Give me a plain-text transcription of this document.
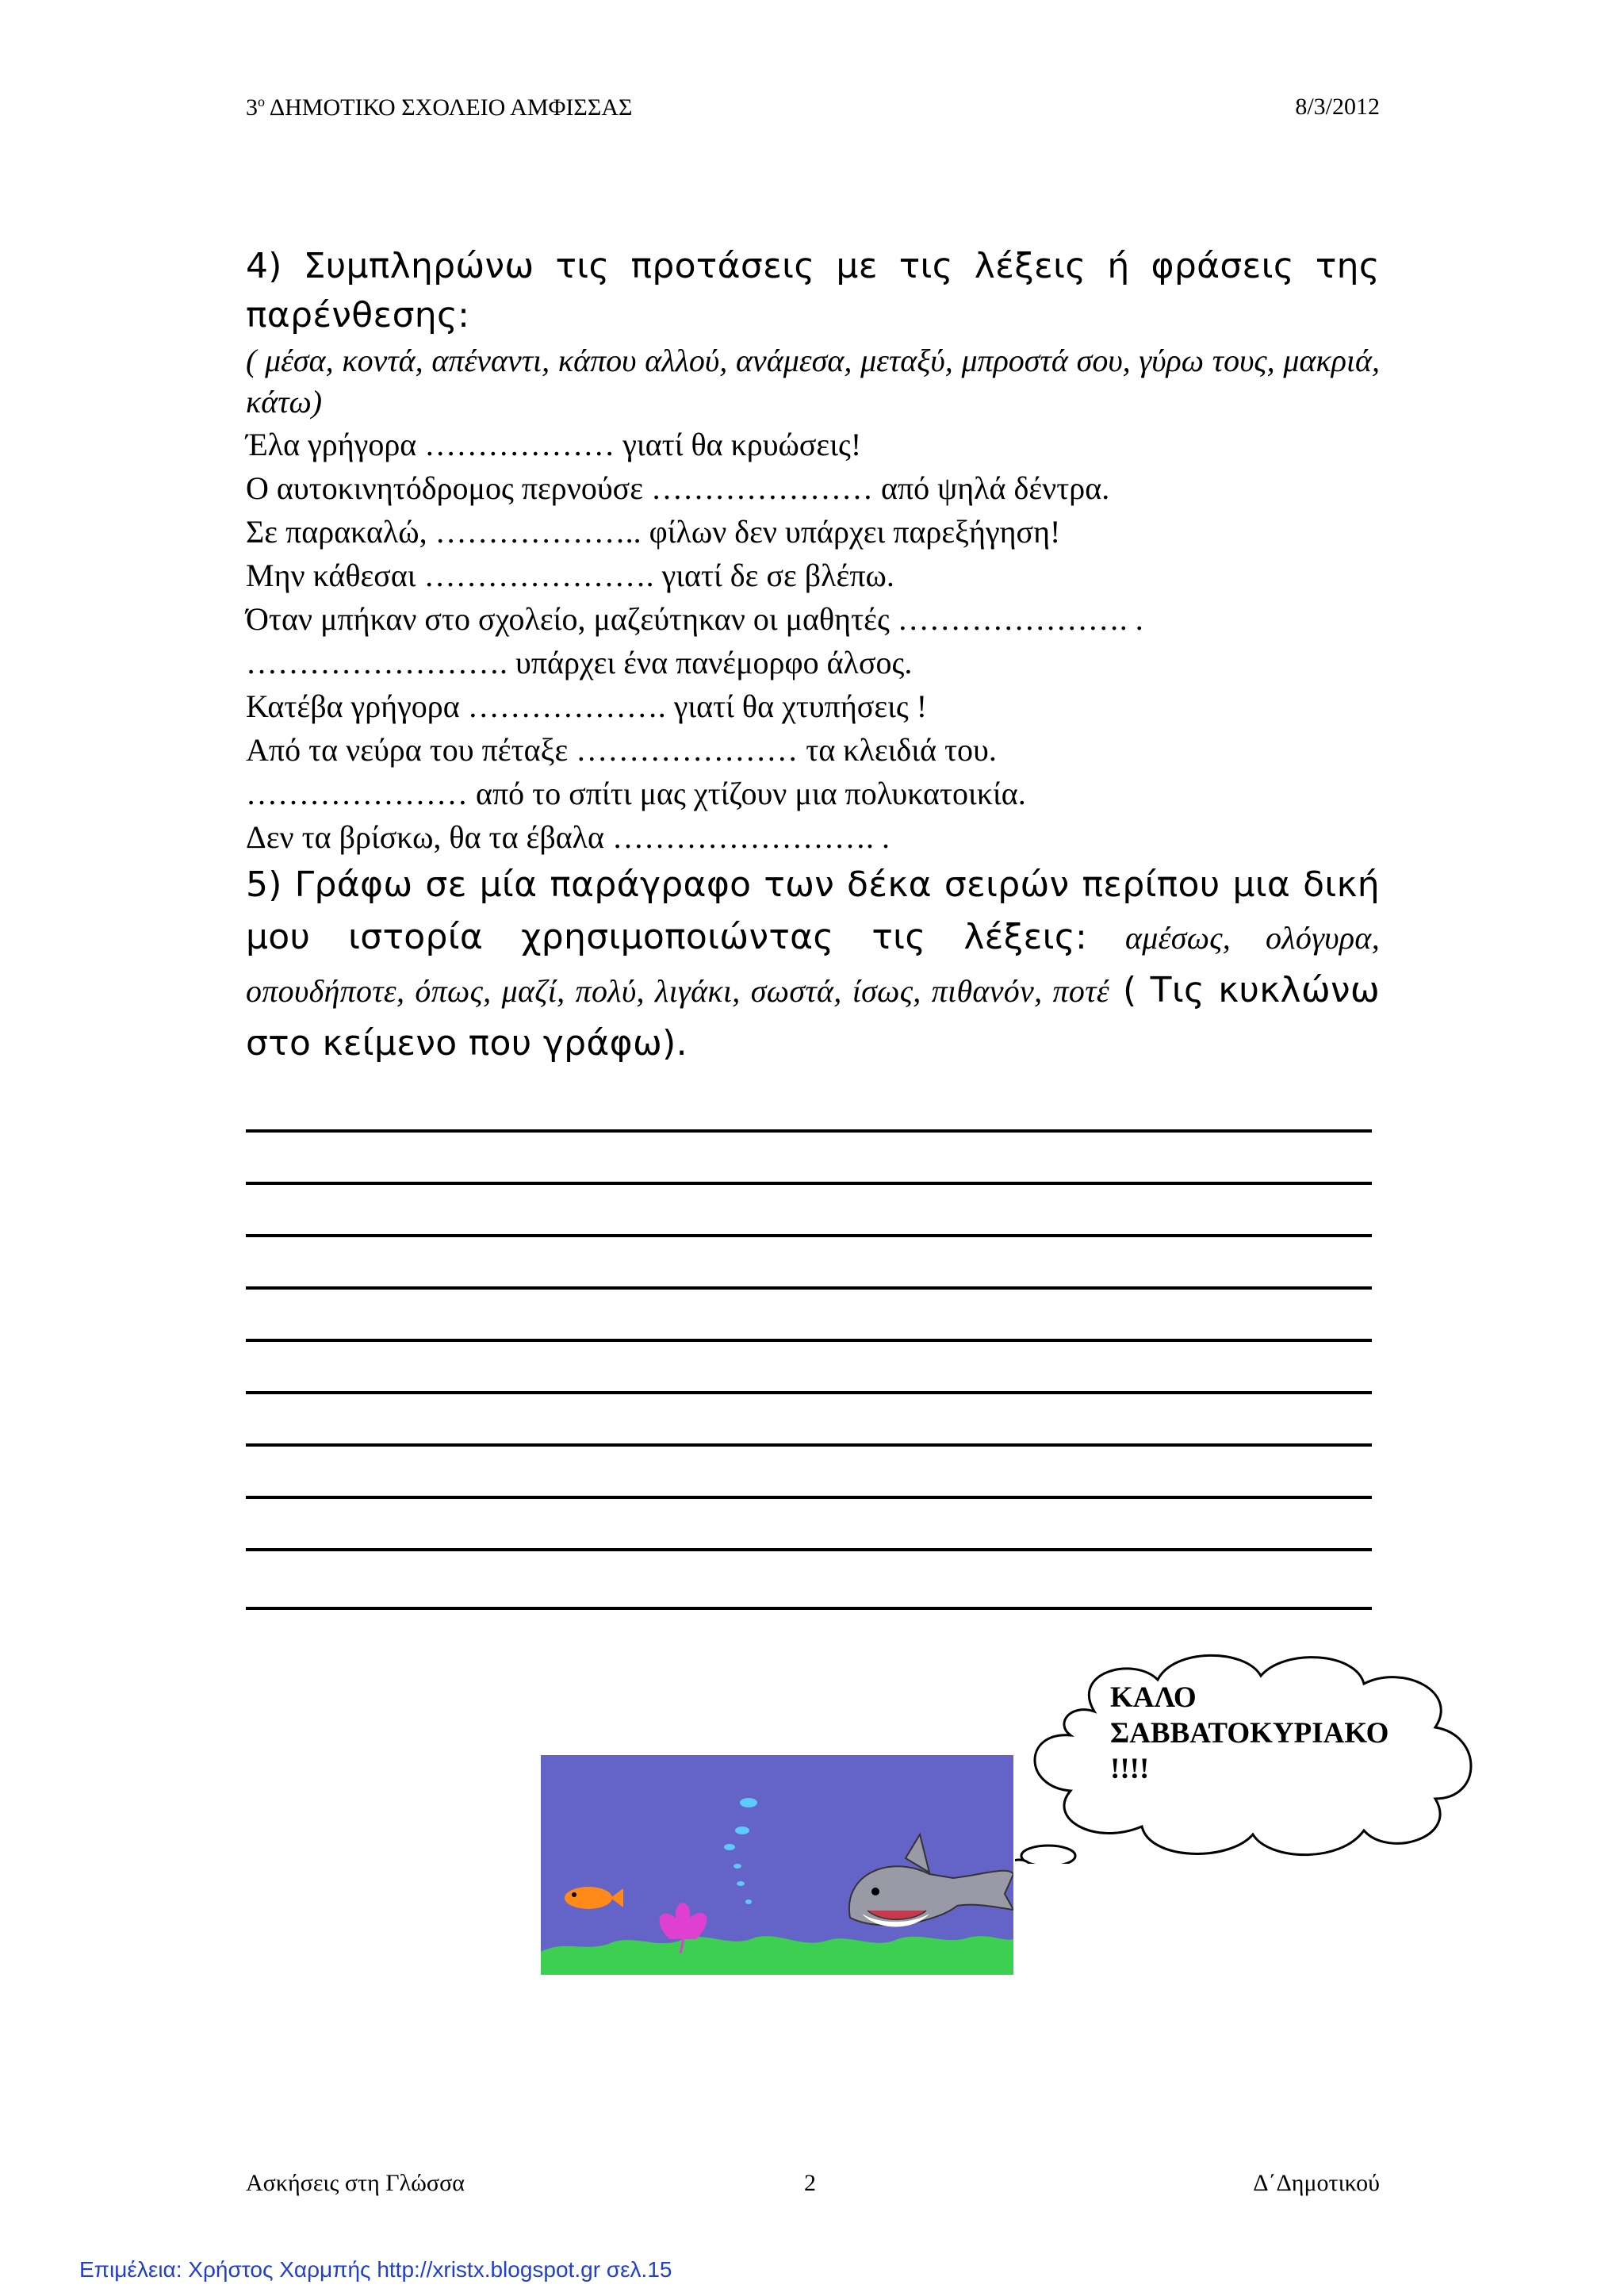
$3^o$ ΔΗΜΟΤΙΚΟ ΣΧΟΛΕΙΟ ΑΜΦΙΣΣΑΣ	8/3/2012
4) Συμπληρώνω τις προτάσεις με τις λέξεις ή φράσεις της παρένθεσης:
( μέσα, κοντά, απέναντι, κάπου αλλού, ανάμεσα, μεταξύ, μπροστά σου, γύρω τους, μακριά, κάτω)
Έλα γρήγορα ……………… γιατί θα κρυώσεις!
Ο αυτοκινητόδρομος περνούσε ………………… από ψηλά δέντρα.
Σε παρακαλώ, ……………….. φίλων δεν υπάρχει παρεξήγηση!
Μην κάθεσαι …………………. γιατί δε σε βλέπω.
Όταν μπήκαν στο σχολείο, μαζεύτηκαν οι μαθητές …………………. .
……………………. υπάρχει ένα πανέμορφο άλσος.
Κατέβα γρήγορα ………………. γιατί θα χτυπήσεις !
Από τα νεύρα του πέταξε ………………… τα κλειδιά του.
………………… από το σπίτι μας χτίζουν μια πολυκατοικία.
Δεν τα βρίσκω, θα τα έβαλα ……………………. .
5) Γράφω σε μία παράγραφο των δέκα σειρών περίπου μια δική μου ιστορία χρησιμοποιώντας τις λέξεις: αμέσως, ολόγυρα, οπουδήποτε, όπως, μαζί, πολύ, λιγάκι, σωστά, ίσως, πιθανόν, ποτέ ( Τις κυκλώνω στο κείμενο που γράφω).
ΚΑΛΟ
ΣΑΒΒΑΤΟΚΥΡΙΑΚΟ
!!!!
Ασκήσεις στη Γλώσσα	2	Δ΄Δημοτικού
Επιμέλεια: Χρήστος Χαρμπής http://xristx.blogspot.gr σελ.15
